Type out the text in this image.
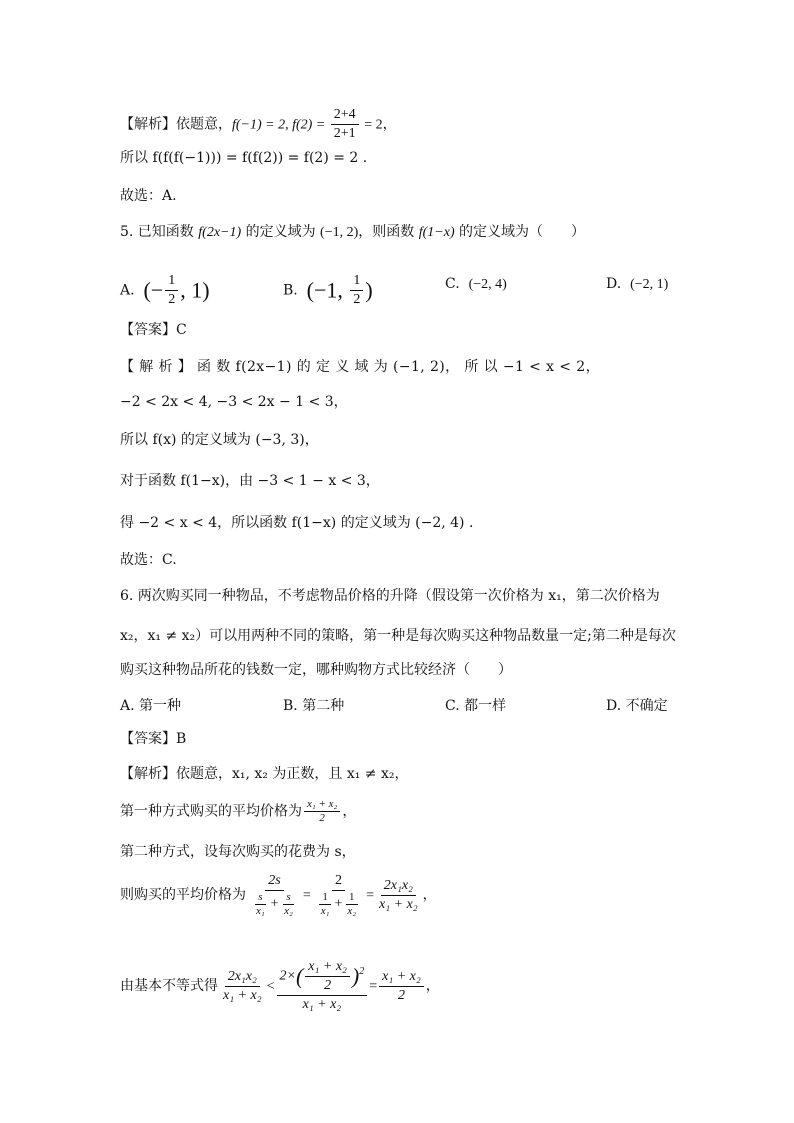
【解析】依题意，f(−1) = 2, $f(2) = \frac{2+4}{2+1} = 2$，
所以 f(f(f(−1))) = f(f(2)) = f(2) = 2 .
故选：A.
5. 已知函数 f(2x−1) 的定义域为 (−1, 2)，则函数 f(1−x) 的定义域为（　　）
A. (− $\frac{1}{2}$ , 1)	B. (−1, $\frac{1}{2}$ )	C. (−2, 4)	D. (−2, 1)
【答案】C
【 解 析 】 函 数 f(2x−1) 的 定 义 域 为 (−1, 2)， 所 以 −1 < x < 2，
−2 < 2x < 4, −3 < 2x − 1 < 3，
所以 f(x) 的定义域为 (−3, 3)，
对于函数 f(1−x)，由 −3 < 1 − x < 3，
得 −2 < x < 4，所以函数 f(1−x) 的定义域为 (−2, 4) .
故选：C.
6. 两次购买同一种物品，不考虑物品价格的升降（假设第一次价格为 x₁，第二次价格为
x₂，x₁ ≠ x₂）可以用两种不同的策略，第一种是每次购买这种物品数量一定;第二种是每次
购买这种物品所花的钱数一定，哪种购物方式比较经济（　　）
A. 第一种	B. 第二种	C. 都一样	D. 不确定
【答案】B
【解析】依题意，x₁, x₂ 为正数，且 x₁ ≠ x₂，
第一种方式购买的平均价格为 $\frac{\text{x₁ + x₂}}{2}$ ，
第二种方式，设每次购买的花费为 s，
则购买的平均价格为 $\frac{2s}{\frac{s}{\text{x₁}} + \frac{s}{\text{x₂}}} = \frac{2}{\frac{1}{\text{x₁}} + \frac{1}{\text{x₂}}} = \frac{\text{2x₁x₂}}{\text{x₁ + x₂}}$ ，
由基本不等式得 $\frac{\text{2x₁x₂}}{\text{x₁ + x₂}} < \frac{2\times( \frac{\text{x₁ + x₂}}{2} )^2}{\text{x₁ + x₂}} = \frac{\text{x₁ + x₂}}{2}$ ，
